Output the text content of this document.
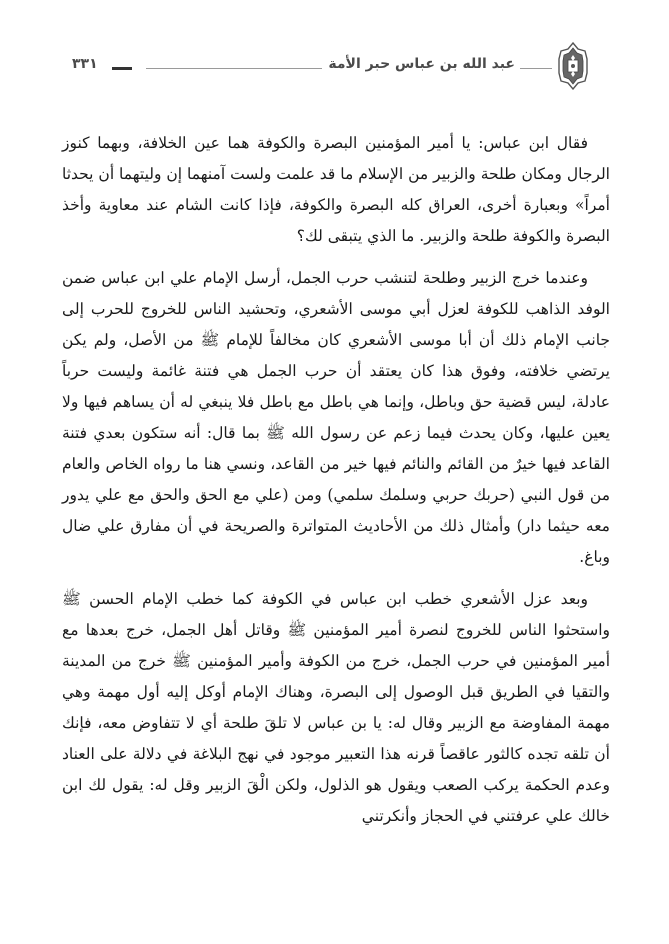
عبد الله بن عباس حبر الأمة
٣٣١

فقال ابن عباس: يا أمير المؤمنين البصرة والكوفة هما عين الخلافة، وبهما كنوز الرجال ومكان طلحة والزبير من الإسلام ما قد علمت ولست آمنهما إن وليتهما أن يحدثا أمراً» وبعبارة أخرى، العراق كله البصرة والكوفة، فإذا كانت الشام عند معاوية وأخذ البصرة والكوفة طلحة والزبير. ما الذي يتبقى لك؟

وعندما خرج الزبير وطلحة لتنشب حرب الجمل، أرسل الإمام علي ابن عباس ضمن الوفد الذاهب للكوفة لعزل أبي موسى الأشعري، وتحشيد الناس للخروج للحرب إلى جانب الإمام ذلك أن أبا موسى الأشعري كان مخالفاً للإمام ﷺ من الأصل، ولم يكن يرتضي خلافته، وفوق هذا كان يعتقد أن حرب الجمل هي فتنة غائمة وليست حرباً عادلة، ليس قضية حق وباطل، وإنما هي باطل مع باطل فلا ينبغي له أن يساهم فيها ولا يعين عليها، وكان يحدث فيما زعم عن رسول الله ﷺ بما قال: أنه ستكون بعدي فتنة القاعد فيها خيرٌ من القائم والنائم فيها خير من القاعد، ونسي هنا ما رواه الخاص والعام من قول النبي (حربك حربي وسلمك سلمي) ومن (علي مع الحق والحق مع علي يدور معه حيثما دار) وأمثال ذلك من الأحاديث المتواترة والصريحة في أن مفارق علي ضال وباغ.

وبعد عزل الأشعري خطب ابن عباس في الكوفة كما خطب الإمام الحسن ﷺ واستحثوا الناس للخروج لنصرة أمير المؤمنين ﷺ وقاتل أهل الجمل، خرج بعدها مع أمير المؤمنين في حرب الجمل، خرج من الكوفة وأمير المؤمنين ﷺ خرج من المدينة والتقيا في الطريق قبل الوصول إلى البصرة، وهناك الإمام أوكل إليه أول مهمة وهي مهمة المفاوضة مع الزبير وقال له: يا بن عباس لا تلقَ طلحة أي لا تتفاوض معه، فإنك أن تلقه تجده كالثور عاقصاً قرنه هذا التعبير موجود في نهج البلاغة في دلالة على العناد وعدم الحكمة يركب الصعب ويقول هو الذلول، ولكن الْقَ الزبير وقل له: يقول لك ابن خالك علي عرفتني في الحجاز وأنكرتني
